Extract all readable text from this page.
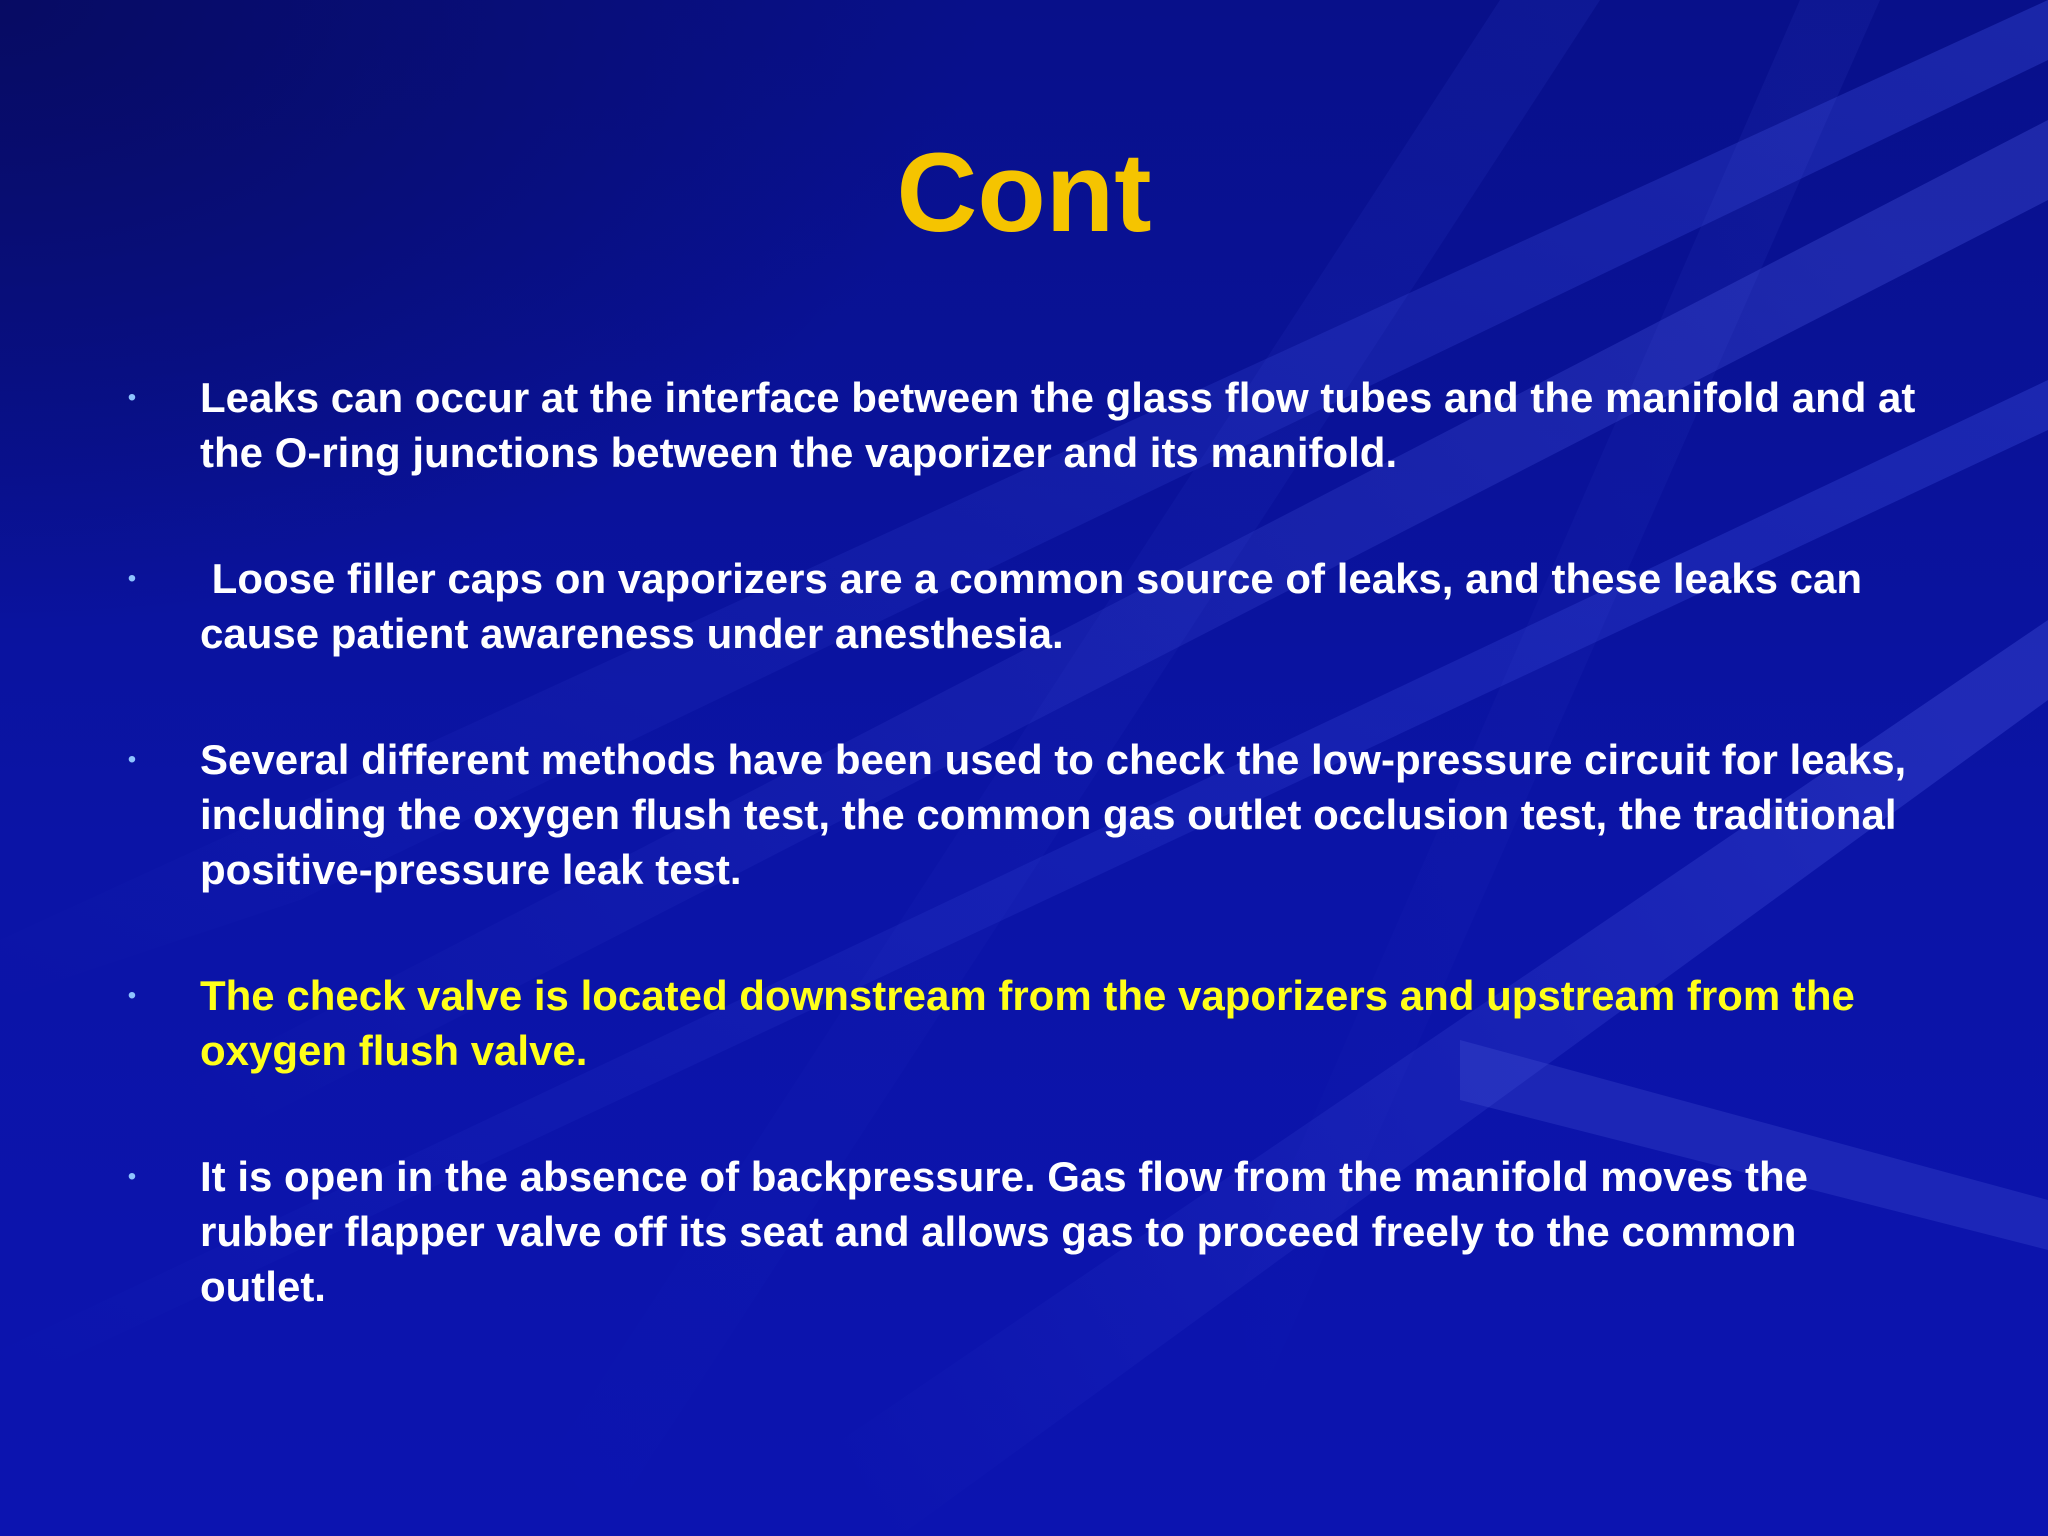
Cont
• Leaks can occur at the interface between the glass flow tubes and the manifold and at the O-ring junctions between the vaporizer and its manifold.
• Loose filler caps on vaporizers are a common source of leaks, and these leaks can cause patient awareness under anesthesia.
• Several different methods have been used to check the low-pressure circuit for leaks, including the oxygen flush test, the common gas outlet occlusion test, the traditional positive-pressure leak test.
• The check valve is located downstream from the vaporizers and upstream from the oxygen flush valve.
• It is open in the absence of backpressure. Gas flow from the manifold moves the rubber flapper valve off its seat and allows gas to proceed freely to the common outlet.
